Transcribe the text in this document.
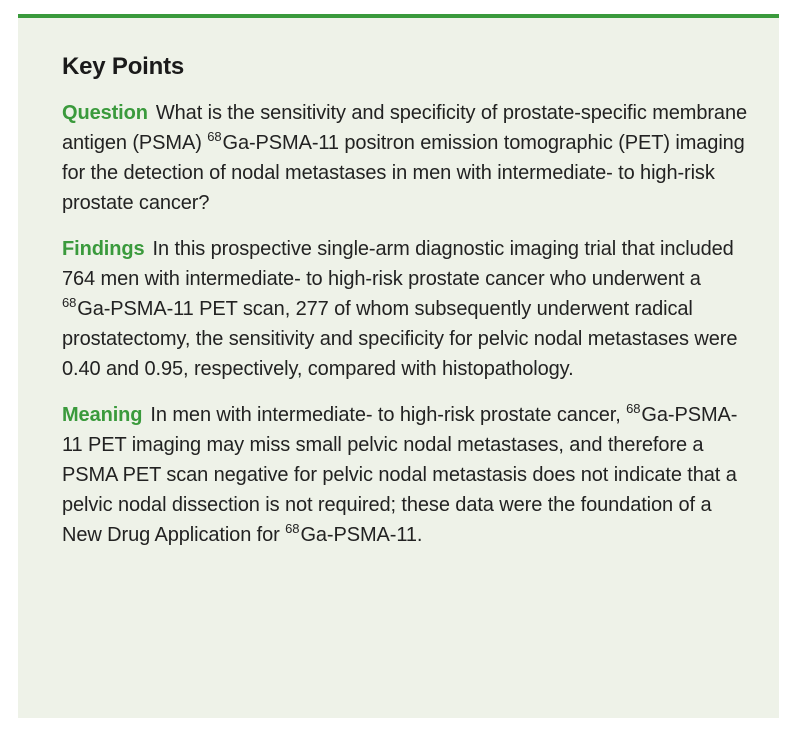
Key Points

Question What is the sensitivity and specificity of prostate-specific membrane antigen (PSMA) $^{68}$Ga-PSMA-11 positron emission tomographic (PET) imaging for the detection of nodal metastases in men with intermediate- to high-risk prostate cancer?

Findings In this prospective single-arm diagnostic imaging trial that included 764 men with intermediate- to high-risk prostate cancer who underwent a $^{68}$Ga-PSMA-11 PET scan, 277 of whom subsequently underwent radical prostatectomy, the sensitivity and specificity for pelvic nodal metastases were 0.40 and 0.95, respectively, compared with histopathology.

Meaning In men with intermediate- to high-risk prostate cancer, $^{68}$Ga-PSMA-11 PET imaging may miss small pelvic nodal metastases, and therefore a PSMA PET scan negative for pelvic nodal metastasis does not indicate that a pelvic nodal dissection is not required; these data were the foundation of a New Drug Application for $^{68}$Ga-PSMA-11.
